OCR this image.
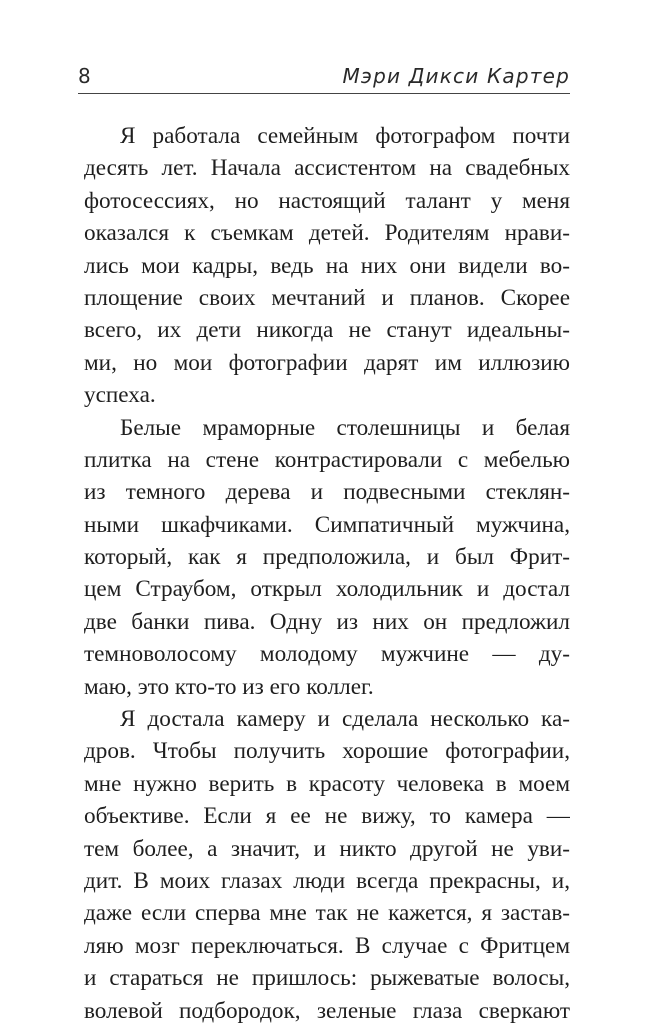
8	Мэри Дикси Картер
Я работала семейным фотографом почти
десять лет. Начала ассистентом на свадебных
фотосессиях, но настоящий талант у меня
оказался к съемкам детей. Родителям нрави-
лись мои кадры, ведь на них они видели во-
площение своих мечтаний и планов. Скорее
всего, их дети никогда не станут идеальны-
ми, но мои фотографии дарят им иллюзию
успеха.
Белые мраморные столешницы и белая
плитка на стене контрастировали с мебелью
из темного дерева и подвесными стеклян-
ными шкафчиками. Симпатичный мужчина,
который, как я предположила, и был Фрит-
цем Страубом, открыл холодильник и достал
две банки пива. Одну из них он предложил
темноволосому молодому мужчине — ду-
маю, это кто-то из его коллег.
Я достала камеру и сделала несколько ка-
дров. Чтобы получить хорошие фотографии,
мне нужно верить в красоту человека в моем
объективе. Если я ее не вижу, то камера —
тем более, а значит, и никто другой не уви-
дит. В моих глазах люди всегда прекрасны, и,
даже если сперва мне так не кажется, я застав-
ляю мозг переключаться. В случае с Фритцем
и стараться не пришлось: рыжеватые волосы,
волевой подбородок, зеленые глаза сверкают
